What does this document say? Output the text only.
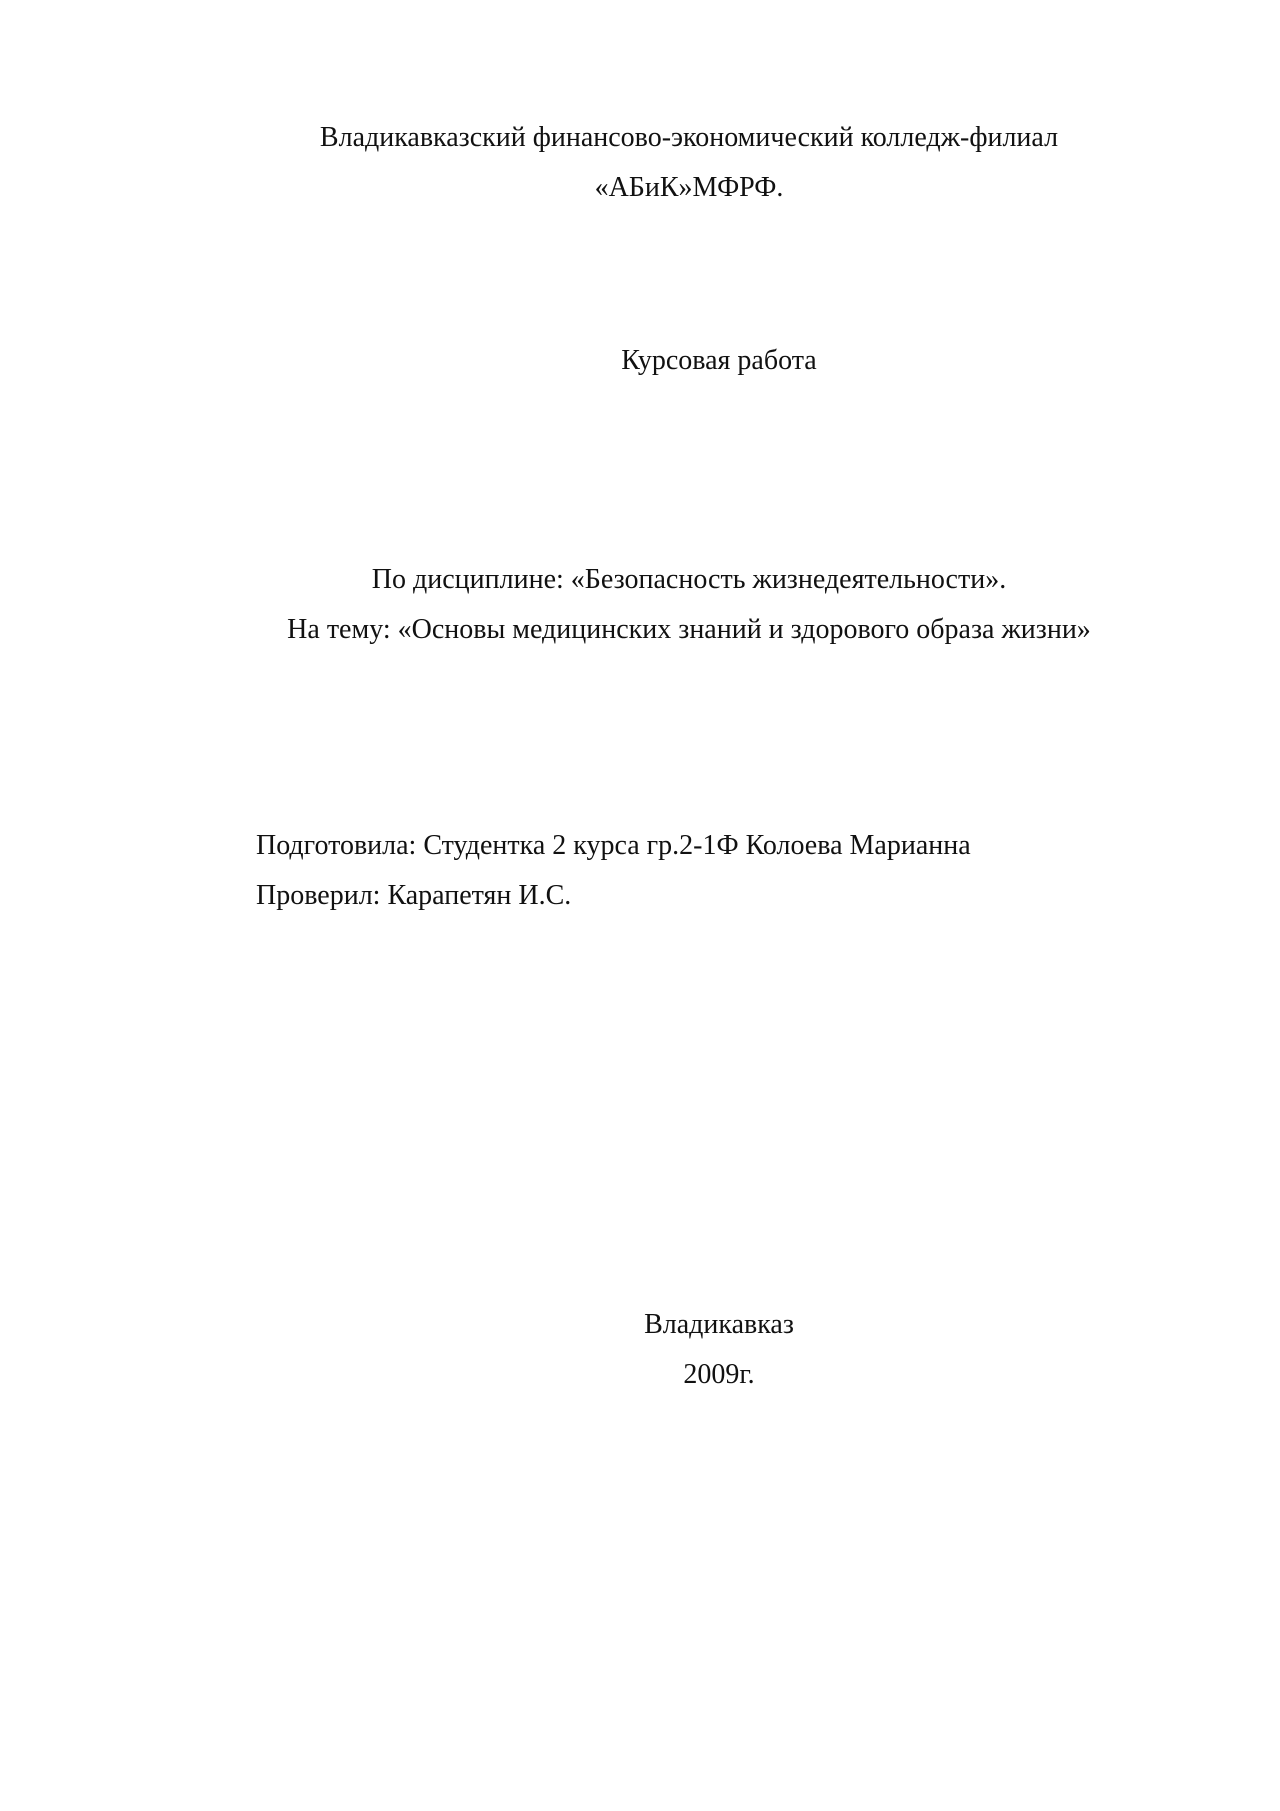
Владикавказский финансово-экономический колледж-филиал

«АБиК»МФРФ.

Курсовая работа

По дисциплине: «Безопасность жизнедеятельности».

На тему: «Основы медицинских знаний и здорового образа жизни»

Подготовила: Студентка 2 курса гр.2-1Ф Колоева Марианна

Проверил: Карапетян И.С.

Владикавказ

2009г.
